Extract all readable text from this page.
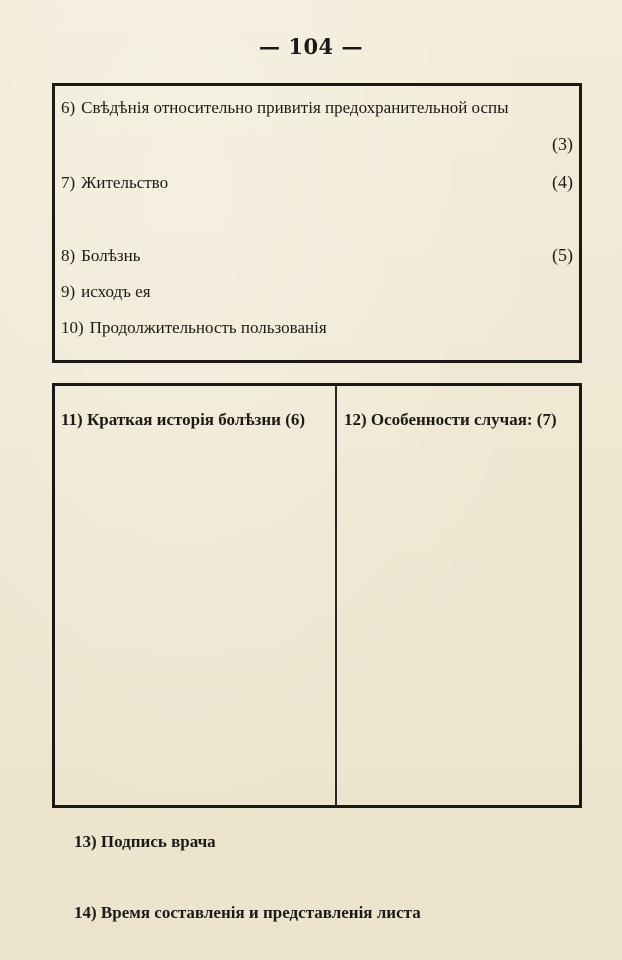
— 104 —
6) Свѣдѣнія относительно привитія предохранительной оспы
(3)
7) Жительство	(4)
8) Болѣзнь	(5)
9) исходъ ея
10) Продолжительность пользованія
11) Краткая исторія болѣзни (6) 12) Особенности случая: (7)
13) Подпись врача
14) Время составленія и представленія листа
